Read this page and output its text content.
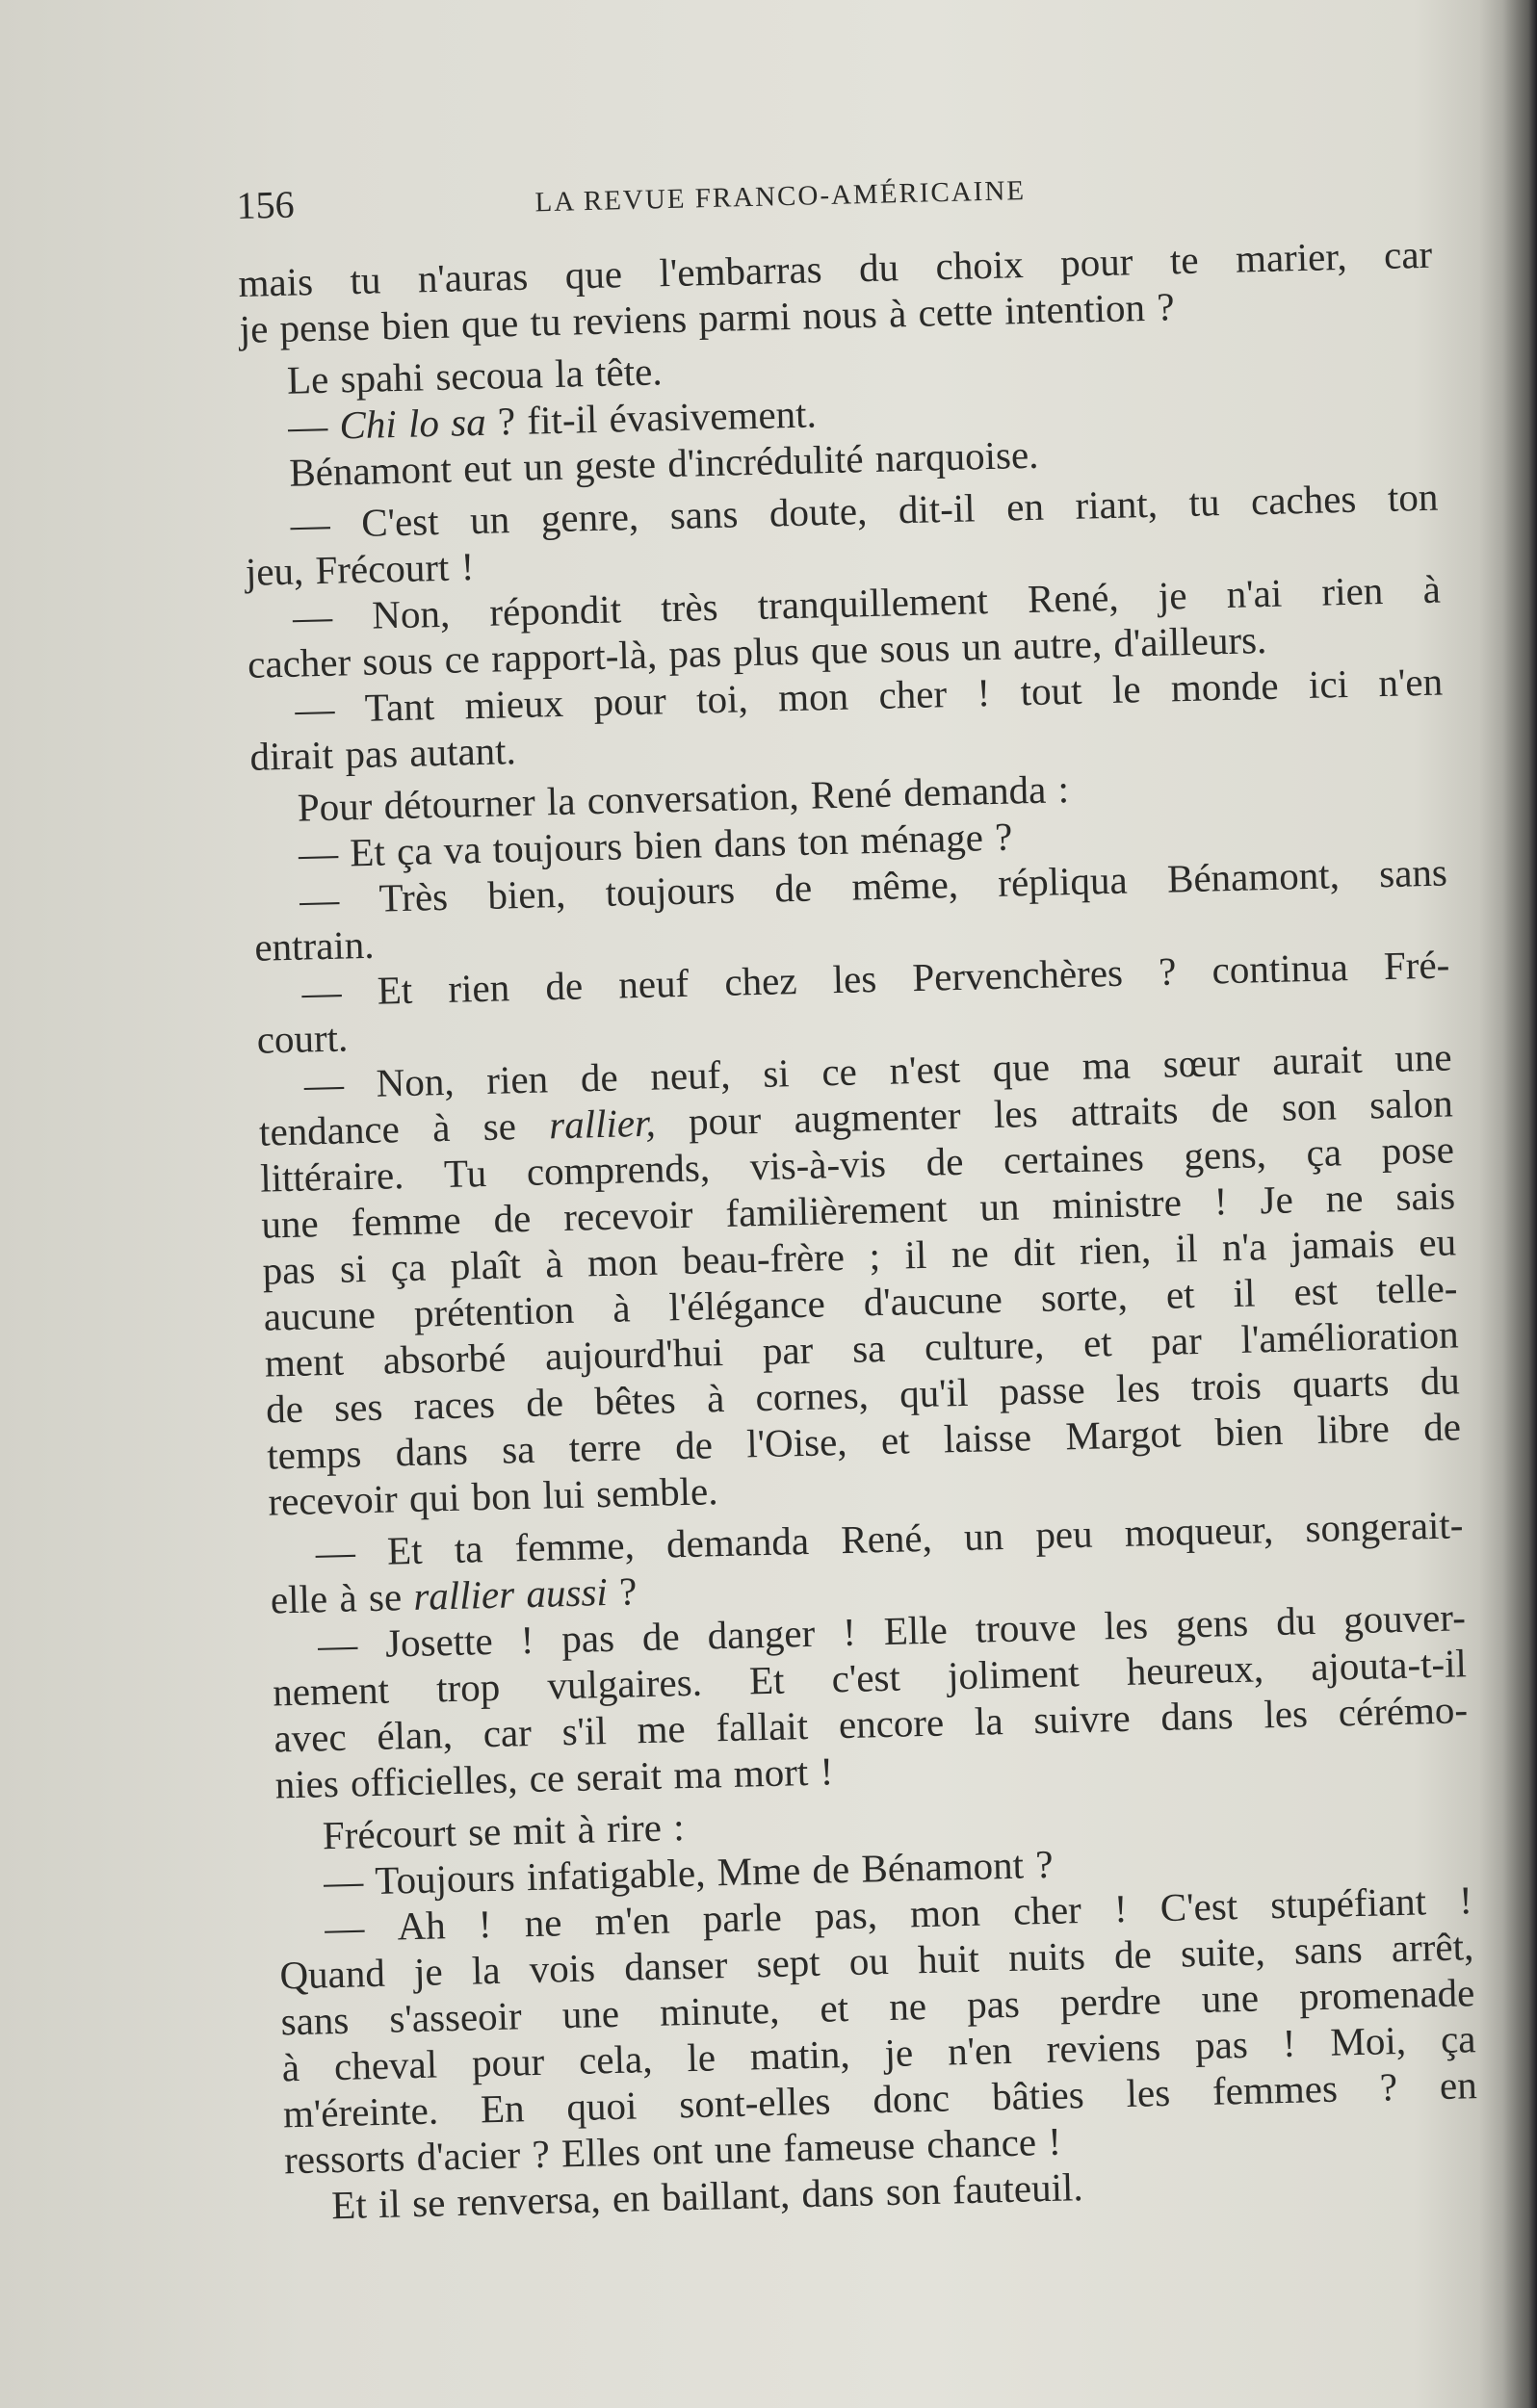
156	LA REVUE FRANCO-AMÉRICAINE
mais tu n'auras que l'embarras du choix pour te marier, car
je pense bien que tu reviens parmi nous à cette intention ?
Le spahi secoua la tête.
— Chi lo sa ? fit-il évasivement.
Bénamont eut un geste d'incrédulité narquoise.
— C'est un genre, sans doute, dit-il en riant, tu caches ton
jeu, Frécourt !
— Non, répondit très tranquillement René, je n'ai rien à
cacher sous ce rapport-là, pas plus que sous un autre, d'ailleurs.
— Tant mieux pour toi, mon cher ! tout le monde ici n'en
dirait pas autant.
Pour détourner la conversation, René demanda :
— Et ça va toujours bien dans ton ménage ?
— Très bien, toujours de même, répliqua Bénamont, sans
entrain.
— Et rien de neuf chez les Pervenchères ? continua Fré-
court.
— Non, rien de neuf, si ce n'est que ma sœur aurait une
tendance à se rallier, pour augmenter les attraits de son salon
littéraire. Tu comprends, vis-à-vis de certaines gens, ça pose
une femme de recevoir familièrement un ministre ! Je ne sais
pas si ça plaît à mon beau-frère ; il ne dit rien, il n'a jamais eu
aucune prétention à l'élégance d'aucune sorte, et il est telle-
ment absorbé aujourd'hui par sa culture, et par l'amélioration
de ses races de bêtes à cornes, qu'il passe les trois quarts du
temps dans sa terre de l'Oise, et laisse Margot bien libre de
recevoir qui bon lui semble.
— Et ta femme, demanda René, un peu moqueur, songerait-
elle à se rallier aussi ?
— Josette ! pas de danger ! Elle trouve les gens du gouver-
nement trop vulgaires. Et c'est joliment heureux, ajouta-t-il
avec élan, car s'il me fallait encore la suivre dans les cérémo-
nies officielles, ce serait ma mort !
Frécourt se mit à rire :
— Toujours infatigable, Mme de Bénamont ?
— Ah ! ne m'en parle pas, mon cher ! C'est stupéfiant !
Quand je la vois danser sept ou huit nuits de suite, sans arrêt,
sans s'asseoir une minute, et ne pas perdre une promenade
à cheval pour cela, le matin, je n'en reviens pas ! Moi, ça
m'éreinte. En quoi sont-elles donc bâties les femmes ? en
ressorts d'acier ? Elles ont une fameuse chance !
Et il se renversa, en baillant, dans son fauteuil.
